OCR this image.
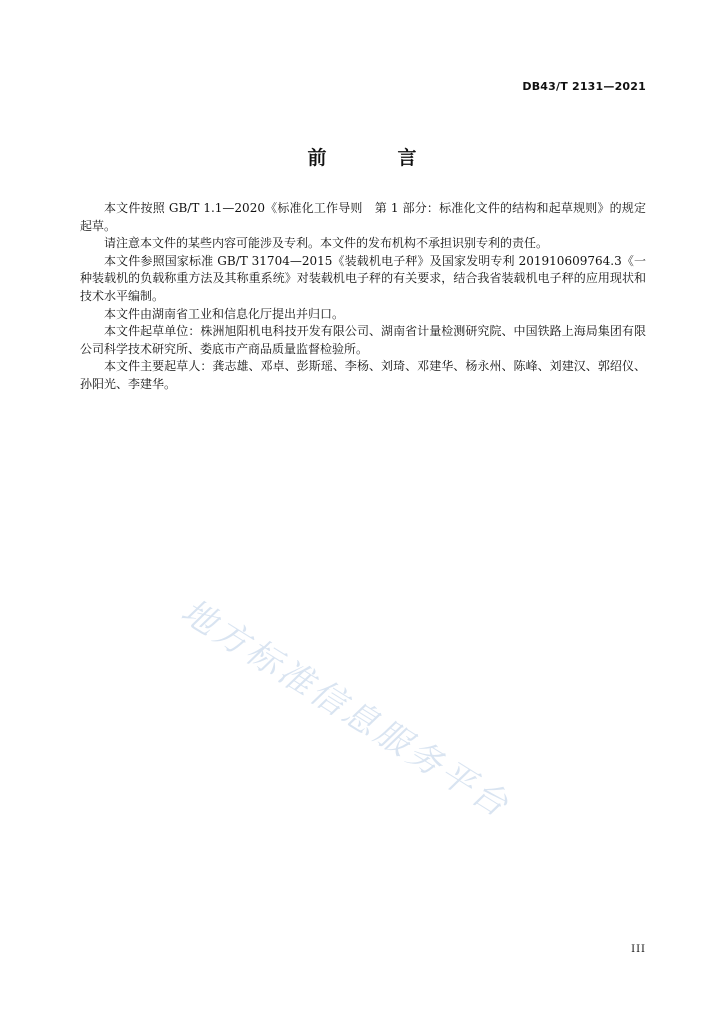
DB43/T 2131—2021
前　言

本文件按照 GB/T 1.1—2020《标准化工作导则　第 1 部分：标准化文件的结构和起草规则》的规定起草。

请注意本文件的某些内容可能涉及专利。本文件的发布机构不承担识别专利的责任。

本文件参照国家标准 GB/T 31704—2015《装载机电子秤》及国家发明专利 201910609764.3《一种装载机的负载称重方法及其称重系统》对装载机电子秤的有关要求，结合我省装载机电子秤的应用现状和技术水平编制。

本文件由湖南省工业和信息化厅提出并归口。

本文件起草单位：株洲旭阳机电科技开发有限公司、湖南省计量检测研究院、中国铁路上海局集团有限公司科学技术研究所、娄底市产商品质量监督检验所。

本文件主要起草人：龚志雄、邓卓、彭斯瑶、李杨、刘琦、邓建华、杨永州、陈峰、刘建汉、郭绍仪、孙阳光、李建华。

地方标准信息服务平台
III
